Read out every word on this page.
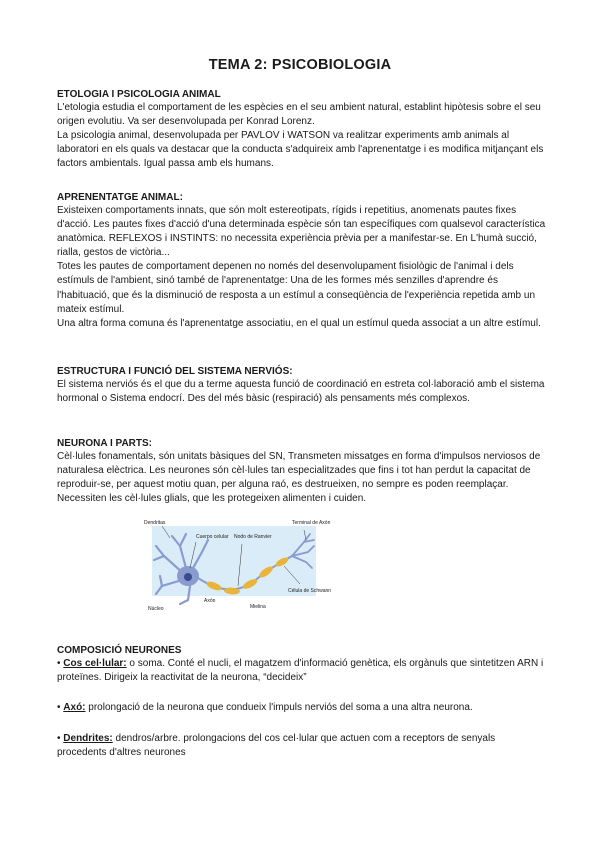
TEMA 2: PSICOBIOLOGIA

ETOLOGIA I PSICOLOGIA ANIMAL

L'etologia estudia el comportament de les espècies en el seu ambient natural, establint hipòtesis sobre el seu origen evolutiu. Va ser desenvolupada per Konrad Lorenz.

La psicologia animal, desenvolupada per PAVLOV i WATSON va realitzar experiments amb animals al laboratori en els quals va destacar que la conducta s'adquireix amb l'aprenentatge i es modifica mitjançant els factors ambientals. Igual passa amb els humans.

APRENENTATGE ANIMAL:

Existeixen comportaments innats, que són molt estereotipats, rígids i repetitius, anomenats pautes fixes d'acció. Les pautes fixes d'acció d'una determinada espècie són tan específiques com qualsevol característica anatòmica. REFLEXOS i INSTINTS: no necessita experiència prèvia per a manifestar-se. En L'humà succió, rialla, gestos de victòria...

Totes les pautes de comportament depenen no només del desenvolupament fisiològic de l'animal i dels estímuls de l'ambient, sinó també de l'aprenentatge: Una de les formes més senzilles d'aprendre és l'habituació, que és la disminució de resposta a un estímul a conseqüència de l'experiència repetida amb un mateix estímul.

Una altra forma comuna és l'aprenentatge associatiu, en el qual un estímul queda associat a un altre estímul.

ESTRUCTURA I FUNCIÓ DEL SISTEMA NERVIÓS:

El sistema nerviós és el que du a terme aquesta funció de coordinació en estreta col·laboració amb el sistema hormonal o Sistema endocrí. Des del més bàsic (respiració) als pensaments més complexos.

NEURONA I PARTS:

Cèl·lules fonamentals, són unitats bàsiques del SN, Transmeten missatges en forma d'impulsos nerviosos de naturalesa elèctrica. Les neurones són cèl·lules tan especialitzades que fins i tot han perdut la capacitat de reproduir-se, per aquest motiu quan, per alguna raó, es destrueixen, no sempre es poden reemplaçar. Necessiten les cèl·lules glials, que les protegeixen alimenten i cuiden.

Dendritas
Cuerpo celular Nodo de Ranvier
Terminal de Axón
Axón
Núcleo	Mielina
Célula de Schwann

COMPOSICIÓ NEURONES

• Cos cel·lular: o soma. Conté el nucli, el magatzem d'informació genètica, els orgànuls que sintetitzen ARN i proteïnes. Dirigeix la reactivitat de la neurona, “decideix”
• Axó: prolongació de la neurona que condueix l'impuls nerviós del soma a una altra neurona.
• Dendrites: dendros/arbre. prolongacions del cos cel·lular que actuen com a receptors de senyals procedents d'altres neurones
